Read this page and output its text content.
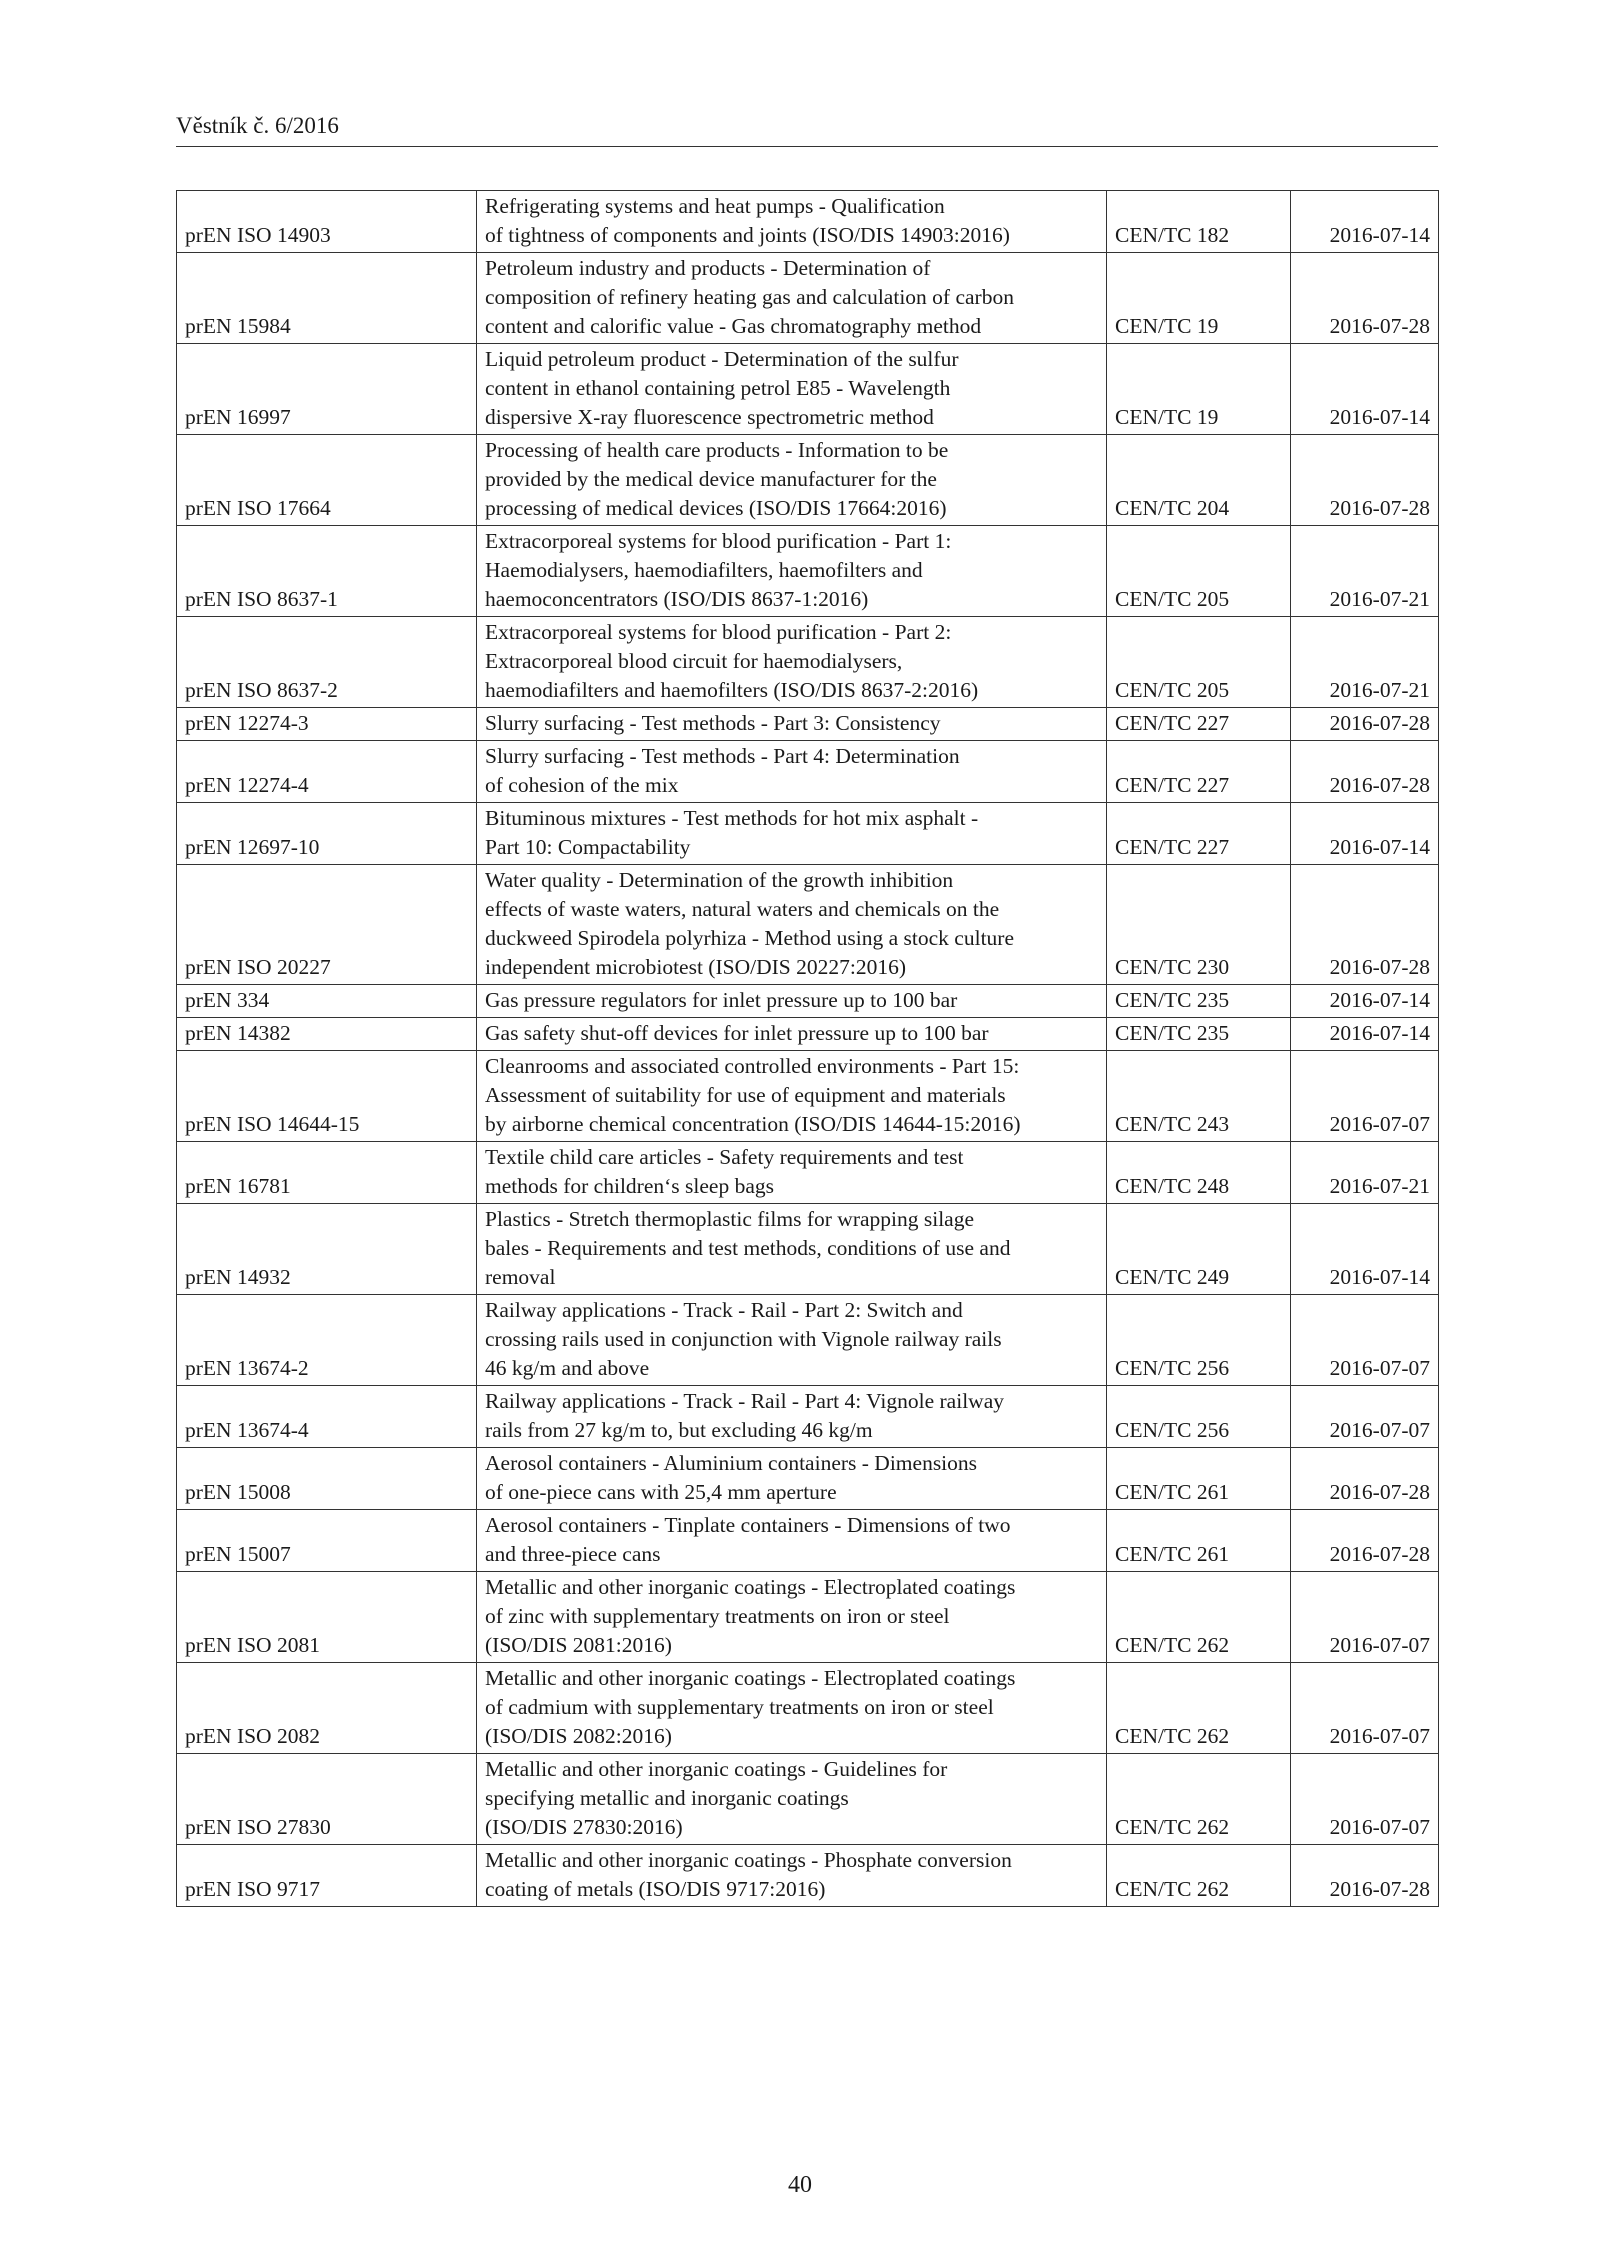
Věstník č. 6/2016
prEN ISO 14903	Refrigerating systems and heat pumps - Qualification
of tightness of components and joints (ISO/DIS 14903:2016)	CEN/TC 182	2016-07-14
prEN 15984	Petroleum industry and products - Determination of
composition of refinery heating gas and calculation of carbon
content and calorific value - Gas chromatography method	CEN/TC 19	2016-07-28
prEN 16997	Liquid petroleum product - Determination of the sulfur
content in ethanol containing petrol E85 - Wavelength
dispersive X-ray fluorescence spectrometric method	CEN/TC 19	2016-07-14
prEN ISO 17664	Processing of health care products - Information to be
provided by the medical device manufacturer for the
processing of medical devices (ISO/DIS 17664:2016)	CEN/TC 204	2016-07-28
prEN ISO 8637-1	Extracorporeal systems for blood purification - Part 1:
Haemodialysers, haemodiafilters, haemofilters and
haemoconcentrators (ISO/DIS 8637-1:2016)	CEN/TC 205	2016-07-21
prEN ISO 8637-2	Extracorporeal systems for blood purification - Part 2:
Extracorporeal blood circuit for haemodialysers,
haemodiafilters and haemofilters (ISO/DIS 8637-2:2016)	CEN/TC 205	2016-07-21
prEN 12274-3	Slurry surfacing - Test methods - Part 3: Consistency	CEN/TC 227	2016-07-28
prEN 12274-4	Slurry surfacing - Test methods - Part 4: Determination
of cohesion of the mix	CEN/TC 227	2016-07-28
prEN 12697-10	Bituminous mixtures - Test methods for hot mix asphalt -
Part 10: Compactability	CEN/TC 227	2016-07-14
prEN ISO 20227	Water quality - Determination of the growth inhibition
effects of waste waters, natural waters and chemicals on the
duckweed Spirodela polyrhiza - Method using a stock culture
independent microbiotest (ISO/DIS 20227:2016)	CEN/TC 230	2016-07-28
prEN 334	Gas pressure regulators for inlet pressure up to 100 bar	CEN/TC 235	2016-07-14
prEN 14382	Gas safety shut-off devices for inlet pressure up to 100 bar	CEN/TC 235	2016-07-14
prEN ISO 14644-15	Cleanrooms and associated controlled environments - Part 15:
Assessment of suitability for use of equipment and materials
by airborne chemical concentration (ISO/DIS 14644-15:2016)	CEN/TC 243	2016-07-07
prEN 16781	Textile child care articles - Safety requirements and test
methods for children‘s sleep bags	CEN/TC 248	2016-07-21
prEN 14932	Plastics - Stretch thermoplastic films for wrapping silage
bales - Requirements and test methods, conditions of use and
removal	CEN/TC 249	2016-07-14
prEN 13674-2	Railway applications - Track - Rail - Part 2: Switch and
crossing rails used in conjunction with Vignole railway rails
46 kg/m and above	CEN/TC 256	2016-07-07
prEN 13674-4	Railway applications - Track - Rail - Part 4: Vignole railway
rails from 27 kg/m to, but excluding 46 kg/m	CEN/TC 256	2016-07-07
prEN 15008	Aerosol containers - Aluminium containers - Dimensions
of one-piece cans with 25,4 mm aperture	CEN/TC 261	2016-07-28
prEN 15007	Aerosol containers - Tinplate containers - Dimensions of two
and three-piece cans	CEN/TC 261	2016-07-28
prEN ISO 2081	Metallic and other inorganic coatings - Electroplated coatings
of zinc with supplementary treatments on iron or steel
(ISO/DIS 2081:2016)	CEN/TC 262	2016-07-07
prEN ISO 2082	Metallic and other inorganic coatings - Electroplated coatings
of cadmium with supplementary treatments on iron or steel
(ISO/DIS 2082:2016)	CEN/TC 262	2016-07-07
prEN ISO 27830	Metallic and other inorganic coatings - Guidelines for
specifying metallic and inorganic coatings
(ISO/DIS 27830:2016)	CEN/TC 262	2016-07-07
prEN ISO 9717	Metallic and other inorganic coatings - Phosphate conversion
coating of metals (ISO/DIS 9717:2016)	CEN/TC 262	2016-07-28
40
